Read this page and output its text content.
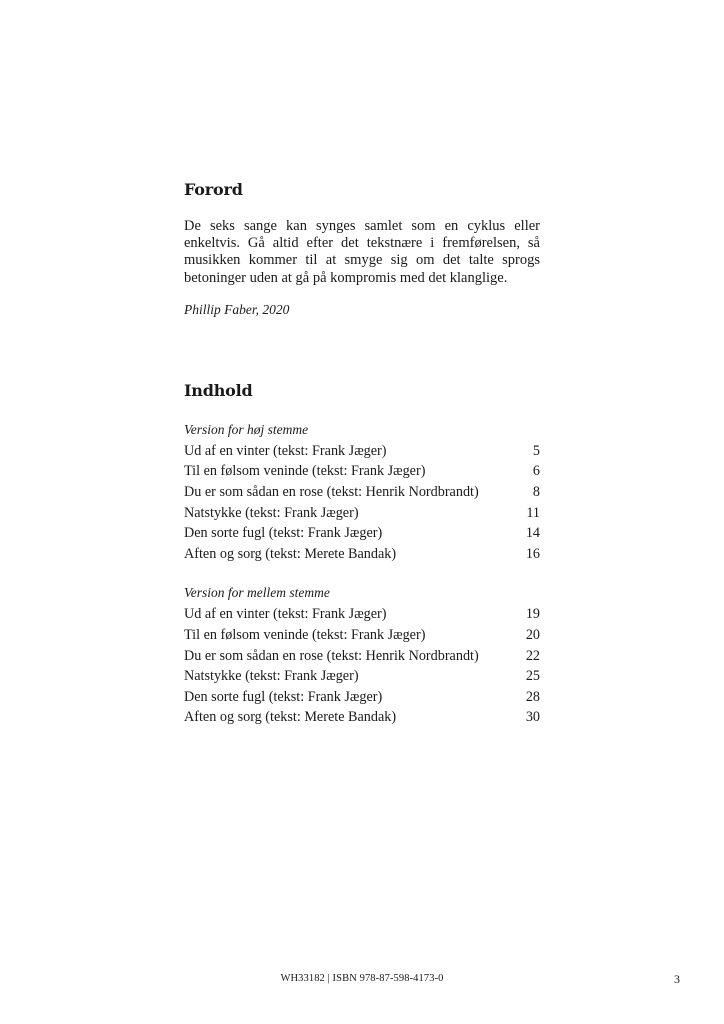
Forord

De seks sange kan synges samlet som en cyklus eller enkeltvis. Gå altid efter det tekstnære i fremførelsen, så musikken kommer til at smyge sig om det talte sprogs betoninger uden at gå på kompromis med det klanglige.

Phillip Faber, 2020

Indhold
Version for høj stemme
Ud af en vinter (tekst: Frank Jæger)	5
Til en følsom veninde (tekst: Frank Jæger)	6
Du er som sådan en rose (tekst: Henrik Nordbrandt)	8
Natstykke (tekst: Frank Jæger)	11
Den sorte fugl (tekst: Frank Jæger)	14
Aften og sorg (tekst: Merete Bandak)	16
Version for mellem stemme
Ud af en vinter (tekst: Frank Jæger)	19
Til en følsom veninde (tekst: Frank Jæger)	20
Du er som sådan en rose (tekst: Henrik Nordbrandt)	22
Natstykke (tekst: Frank Jæger)	25
Den sorte fugl (tekst: Frank Jæger)	28
Aften og sorg (tekst: Merete Bandak)	30
WH33182 | ISBN 978-87-598-4173-0	3
